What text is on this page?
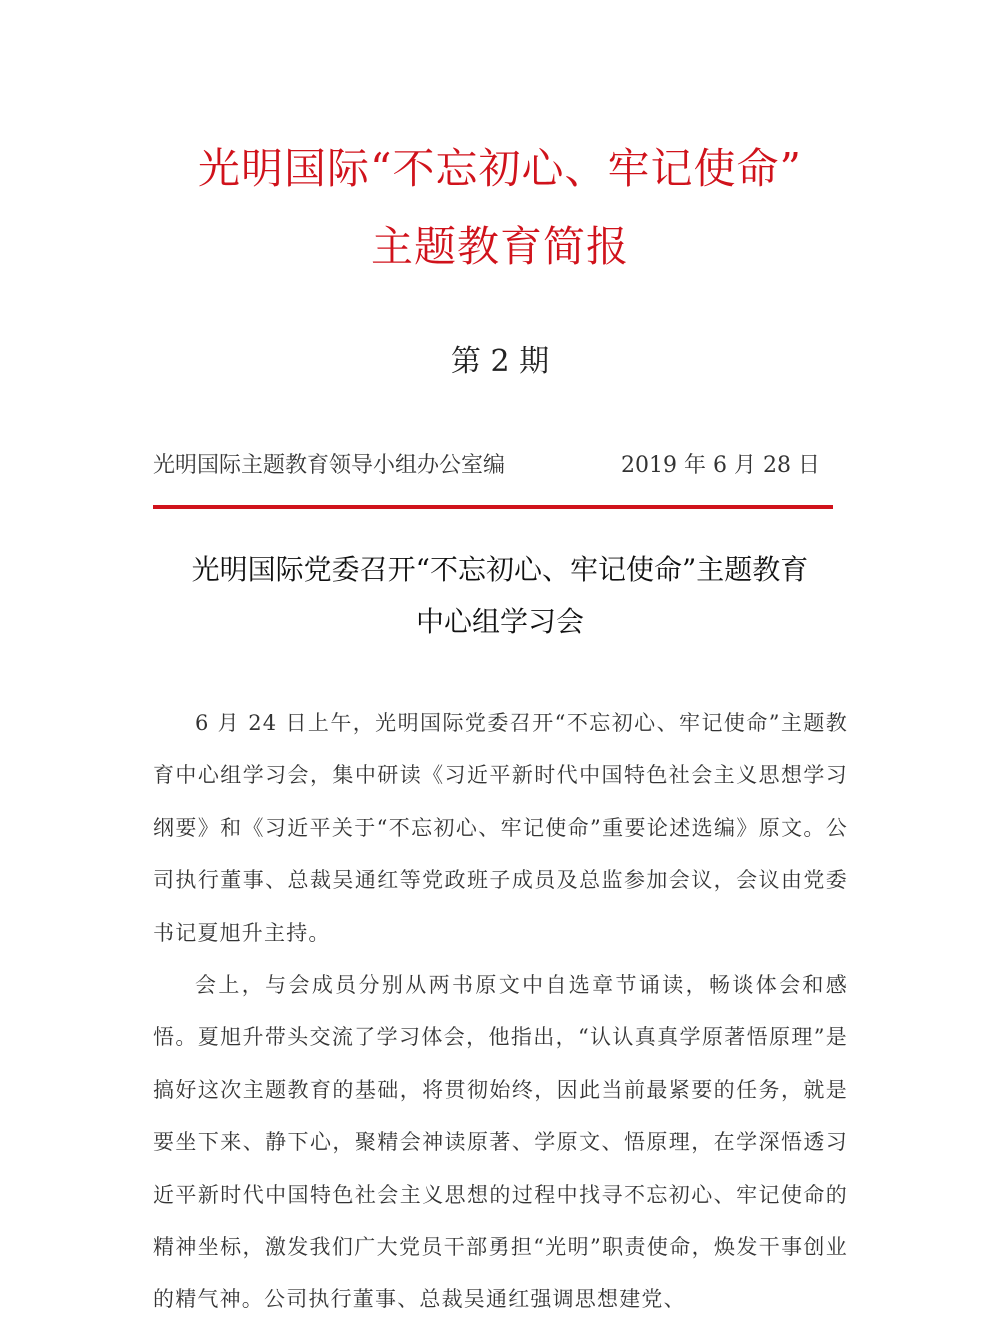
光明国际“不忘初心、牢记使命”
主题教育简报
第 2 期
光明国际主题教育领导小组办公室编	2019 年 6 月 28 日
光明国际党委召开“不忘初心、牢记使命”主题教育
中心组学习会

6 月 24 日上午，光明国际党委召开“不忘初心、牢记使命”主题教育中心组学习会，集中研读《习近平新时代中国特色社会主义思想学习纲要》和《习近平关于“不忘初心、牢记使命”重要论述选编》原文。公司执行董事、总裁吴通红等党政班子成员及总监参加会议，会议由党委书记夏旭升主持。

会上，与会成员分别从两书原文中自选章节诵读，畅谈体会和感悟。夏旭升带头交流了学习体会，他指出，“认认真真学原著悟原理”是搞好这次主题教育的基础，将贯彻始终，因此当前最紧要的任务，就是要坐下来、静下心，聚精会神读原著、学原文、悟原理，在学深悟透习近平新时代中国特色社会主义思想的过程中找寻不忘初心、牢记使命的精神坐标，激发我们广大党员干部勇担“光明”职责使命，焕发干事创业的精气神。公司执行董事、总裁吴通红强调思想建党、
